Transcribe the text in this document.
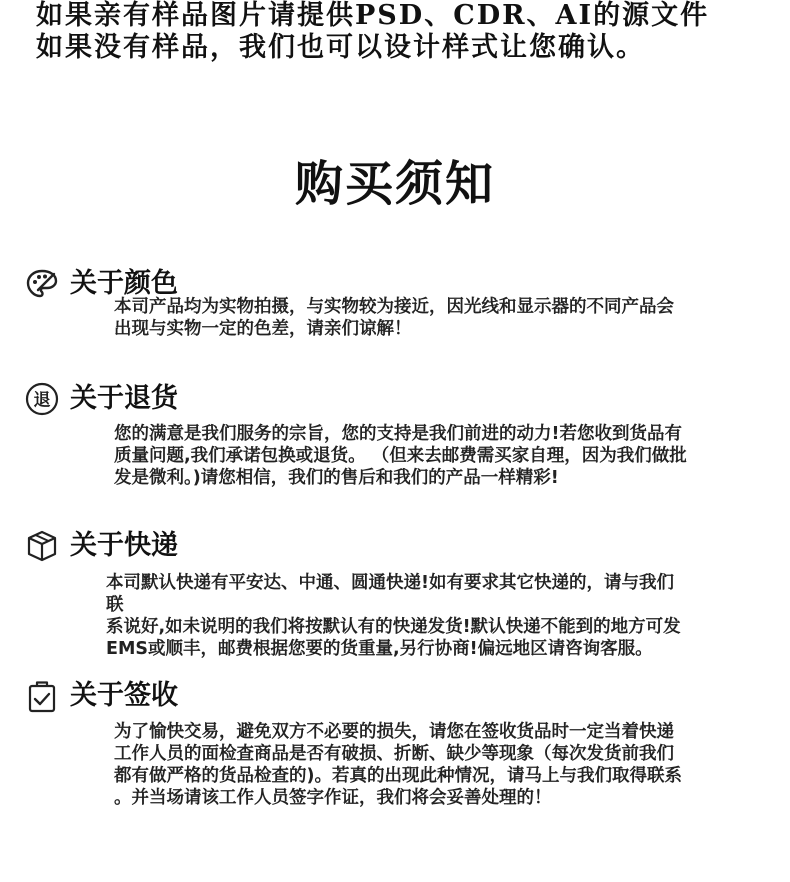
如果亲有样品图片请提供PSD、CDR、AI的源文件
如果没有样品，我们也可以设计样式让您确认。
购买须知
关于颜色

本司产品均为实物拍摄，与实物较为接近，因光线和显示器的不同产品会

出现与实物一定的色差，请亲们谅解！

退 关于退货

您的满意是我们服务的宗旨，您的支持是我们前进的动力!若您收到货品有

质量问题,我们承诺包换或退货。 （但来去邮费需买家自理，因为我们做批

发是微利。)请您相信，我们的售后和我们的产品一样精彩!

关于快递

本司默认快递有平安达、中通、圆通快递!如有要求其它快递的，请与我们

联

系说好,如未说明的我们将按默认有的快递发货!默认快递不能到的地方可发

EMS或顺丰，邮费根据您要的货重量,另行协商!偏远地区请咨询客服。

关于签收

为了愉快交易，避免双方不必要的损失，请您在签收货品时一定当着快递

工作人员的面检查商品是否有破损、折断、缺少等现象（每次发货前我们

都有做严格的货品检查的)。若真的出现此种情况，请马上与我们取得联系

。并当场请该工作人员签字作证，我们将会妥善处理的！
